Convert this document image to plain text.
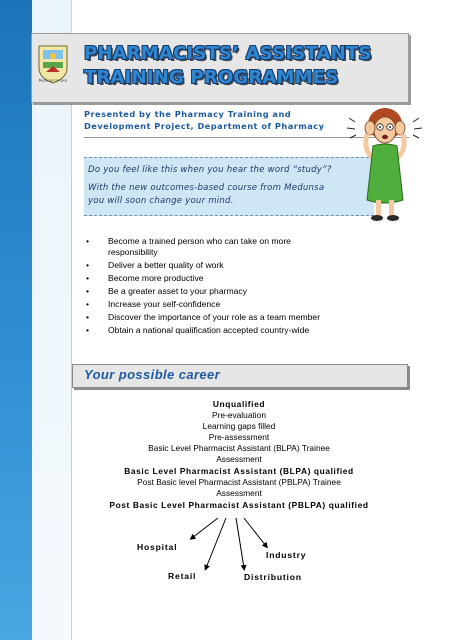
Medunsa Campus
PHARMACISTS’ ASSISTANTS
TRAINING PROGRAMMES
Presented by the Pharmacy Training and
Development Project, Department of Pharmacy
Do you feel like this when you hear the word “study”?
With the new outcomes-based course from Medunsa
you will soon change your mind.
• Become a trained person who can take on more
responsibility
• Deliver a better quality of work
• Become more productive
• Be a greater asset to your pharmacy
• Increase your self-confidence
• Discover the importance of your role as a team member
• Obtain a national qualification accepted country-wide
Your possible career
Unqualified
Pre-evaluation
Learning gaps filled
Pre-assessment
Basic Level Pharmacist Assistant (BLPA) Trainee
Assessment
Basic Level Pharmacist Assistant (BLPA) qualified
Post Basic level Pharmacist Assistant (PBLPA) Trainee
Assessment
Post Basic Level Pharmacist Assistant (PBLPA) qualified
Hospital
Industry
Retail	Distribution
